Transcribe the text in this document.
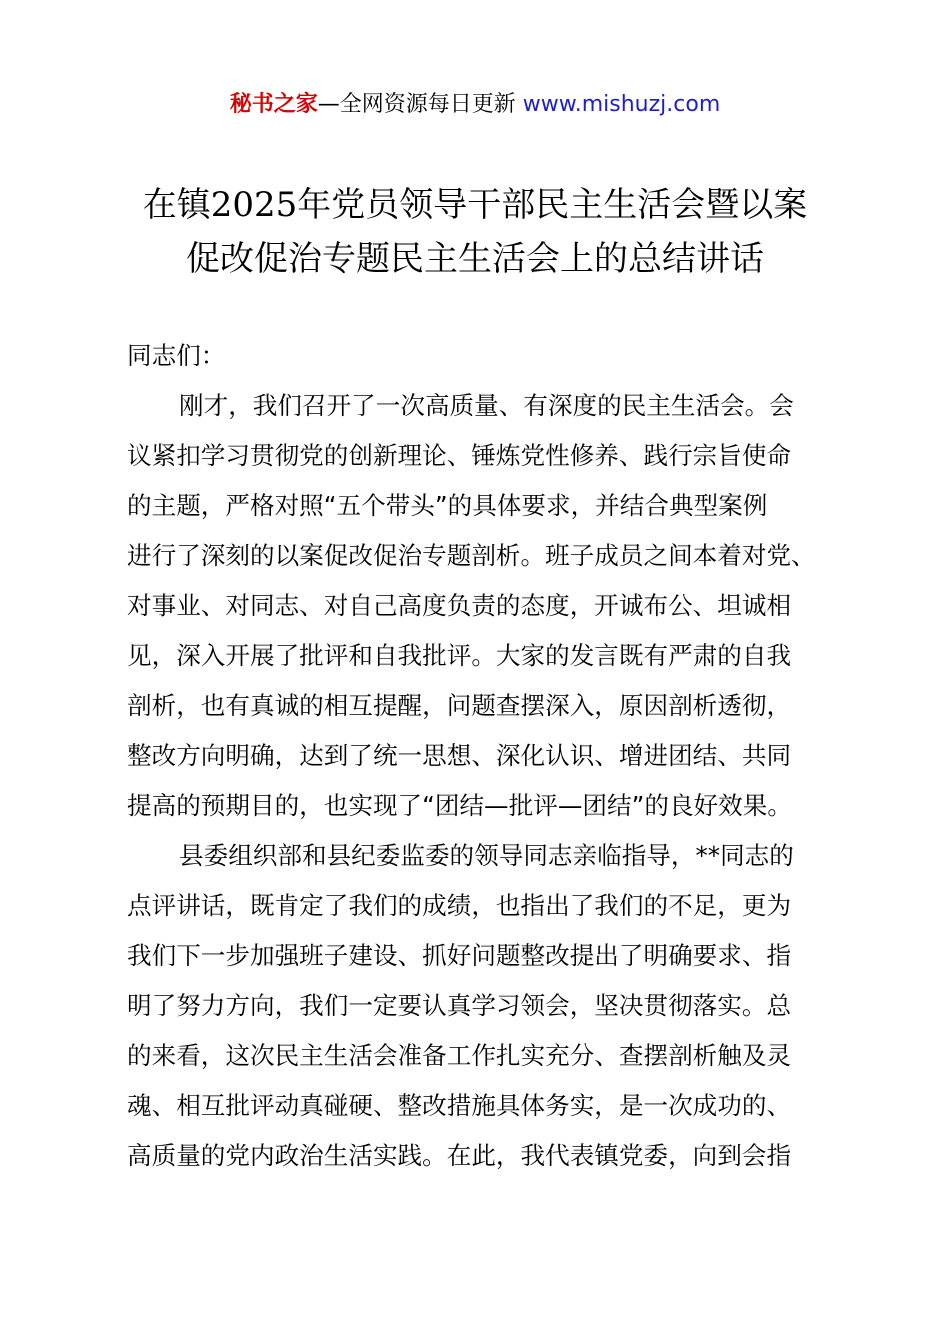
秘书之家—全网资源每日更新 www.mishuzj.com
在镇2025年党员领导干部民主生活会暨以案
促改促治专题民主生活会上的总结讲话

同志们：

刚才，我们召开了一次高质量、有深度的民主生活会。会
议紧扣学习贯彻党的创新理论、锤炼党性修养、践行宗旨使命
的主题，严格对照“五个带头”的具体要求，并结合典型案例
进行了深刻的以案促改促治专题剖析。班子成员之间本着对党、
对事业、对同志、对自己高度负责的态度，开诚布公、坦诚相
见，深入开展了批评和自我批评。大家的发言既有严肃的自我
剖析，也有真诚的相互提醒，问题查摆深入，原因剖析透彻，
整改方向明确，达到了统一思想、深化认识、增进团结、共同
提高的预期目的，也实现了“团结—批评—团结”的良好效果。
县委组织部和县纪委监委的领导同志亲临指导，**同志的
点评讲话，既肯定了我们的成绩，也指出了我们的不足，更为
我们下一步加强班子建设、抓好问题整改提出了明确要求、指
明了努力方向，我们一定要认真学习领会，坚决贯彻落实。总
的来看，这次民主生活会准备工作扎实充分、查摆剖析触及灵
魂、相互批评动真碰硬、整改措施具体务实，是一次成功的、
高质量的党内政治生活实践。在此，我代表镇党委，向到会指
